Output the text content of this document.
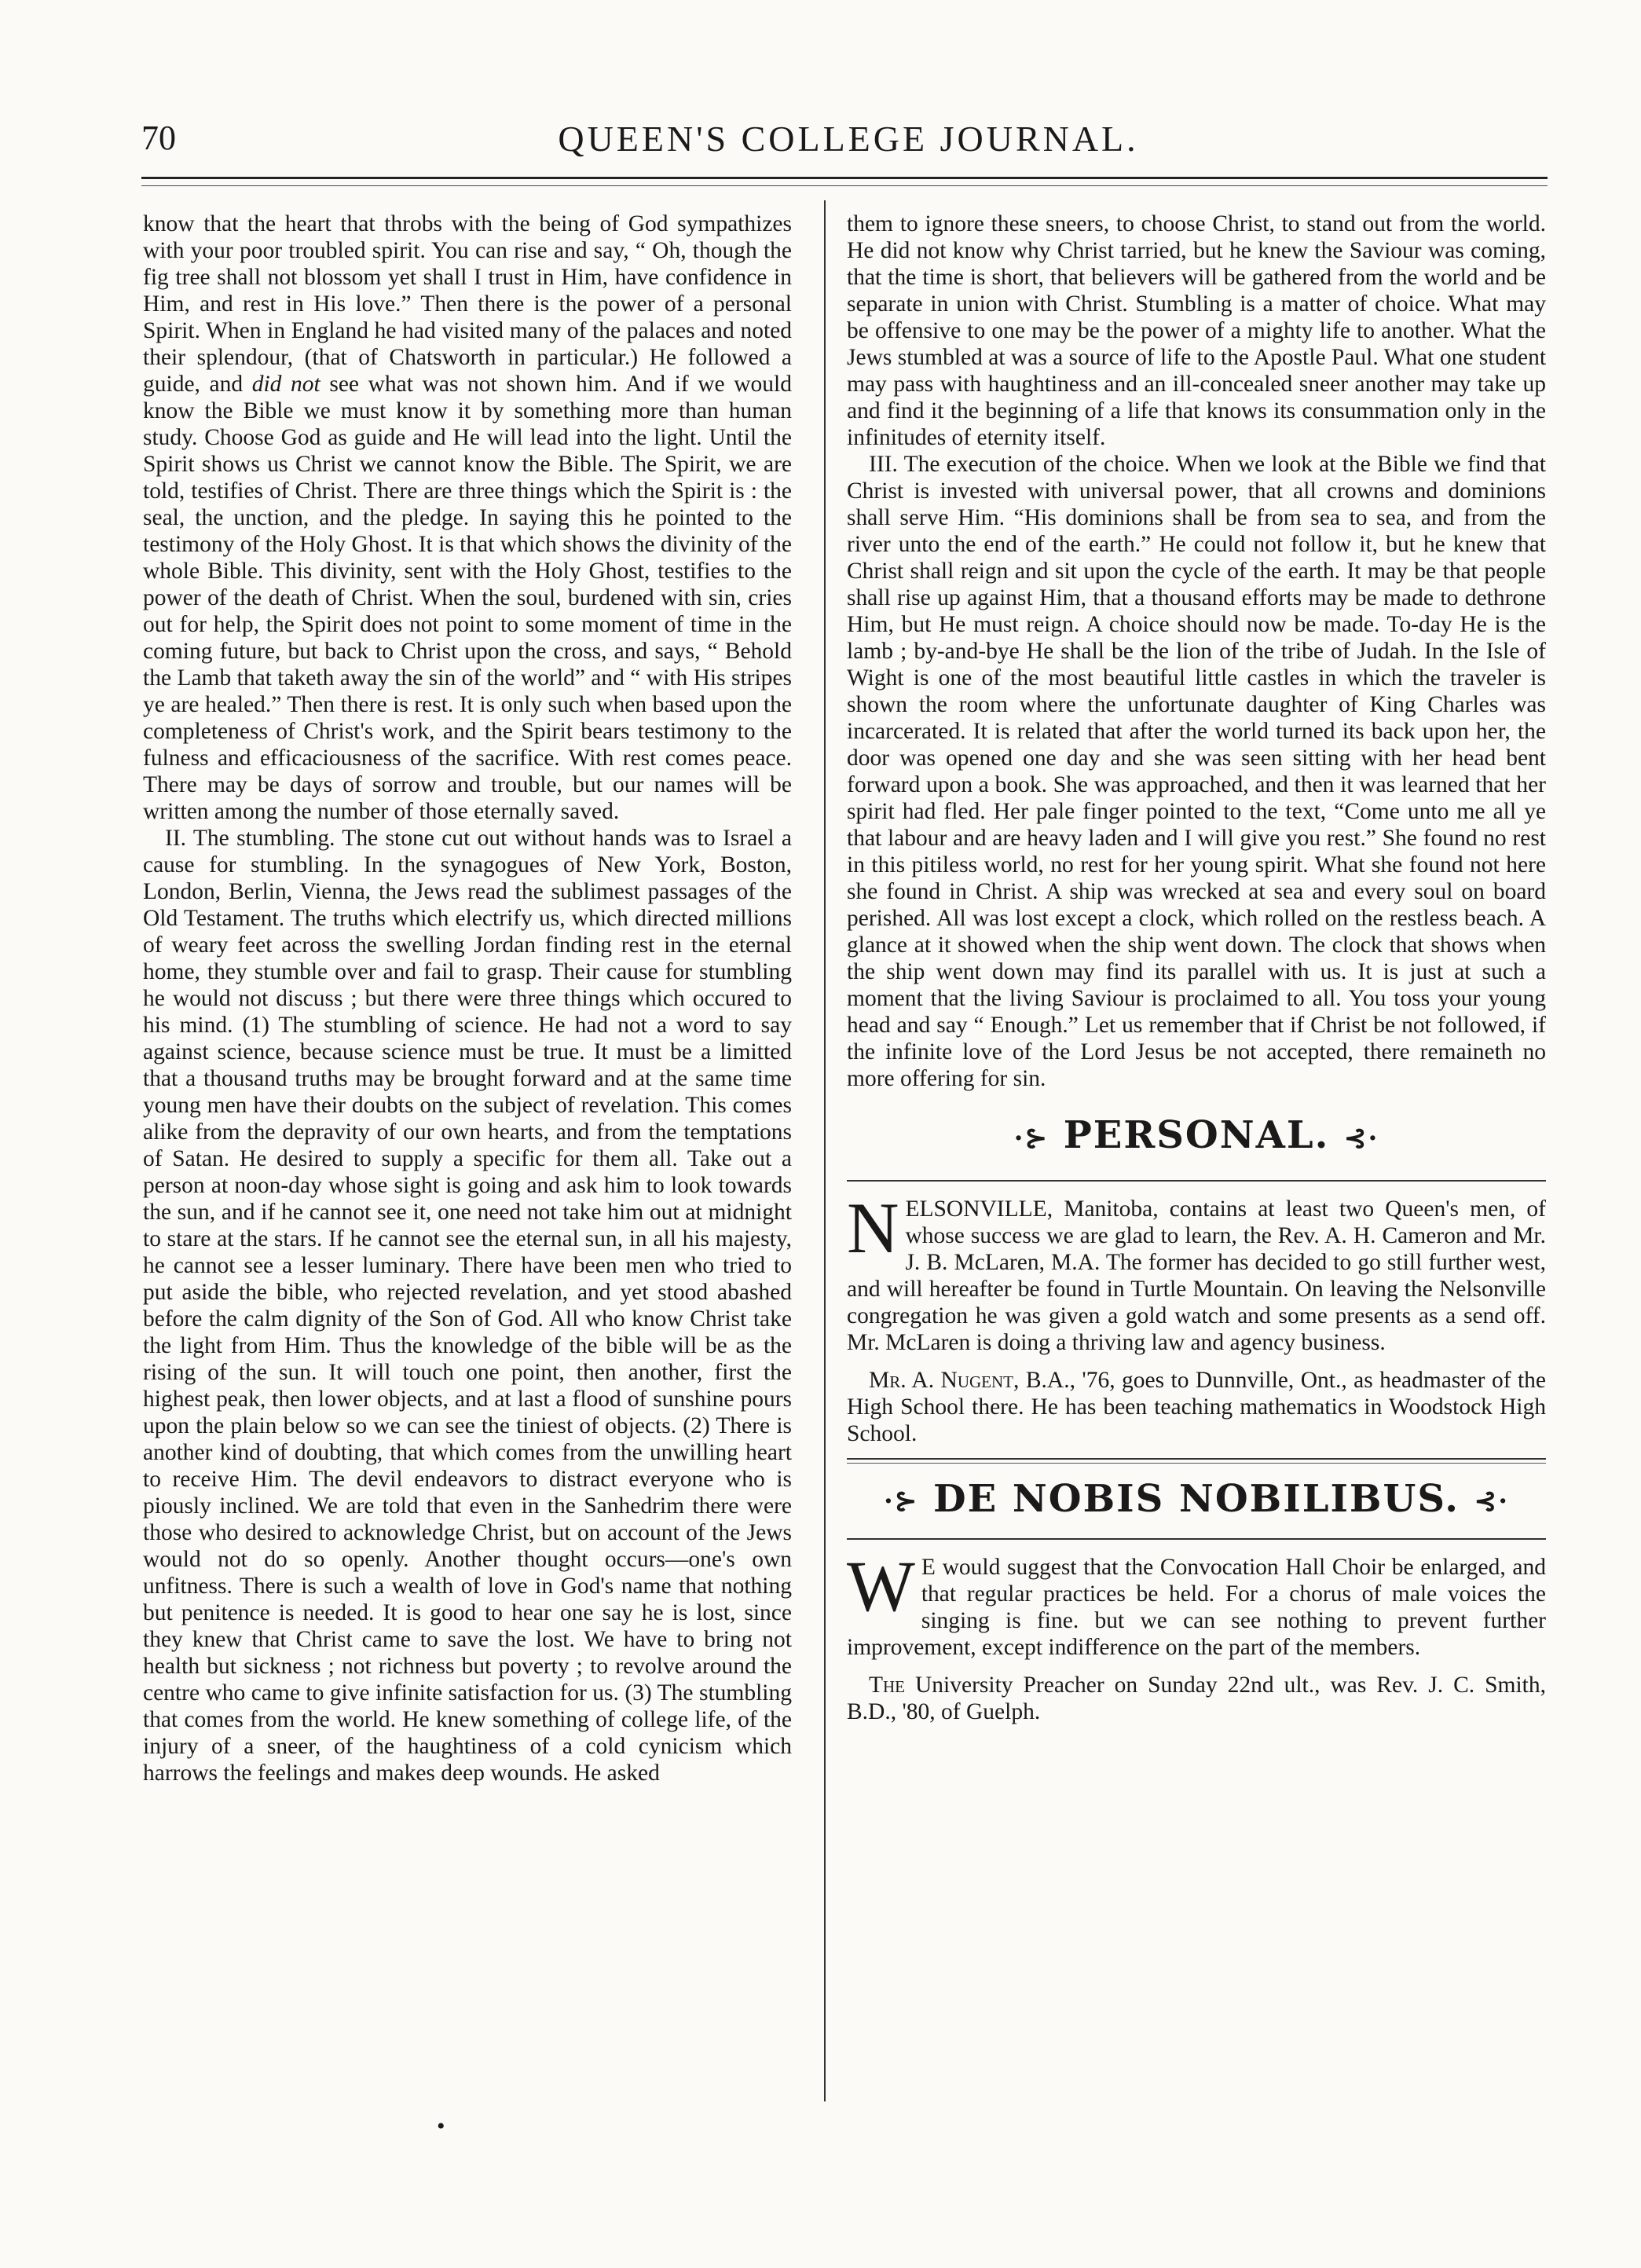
70	QUEEN'S COLLEGE JOURNAL.

know that the heart that throbs with the being of God sympathizes with your poor troubled spirit. You can rise and say, “ Oh, though the fig tree shall not blossom yet shall I trust in Him, have confidence in Him, and rest in His love.” Then there is the power of a personal Spirit. When in England he had visited many of the palaces and noted their splendour, (that of Chatsworth in particular.) He followed a guide, and did not see what was not shown him. And if we would know the Bible we must know it by something more than human study. Choose God as guide and He will lead into the light. Until the Spirit shows us Christ we cannot know the Bible. The Spirit, we are told, testifies of Christ. There are three things which the Spirit is : the seal, the unction, and the pledge. In saying this he pointed to the testimony of the Holy Ghost. It is that which shows the divinity of the whole Bible. This divinity, sent with the Holy Ghost, testifies to the power of the death of Christ. When the soul, burdened with sin, cries out for help, the Spirit does not point to some moment of time in the coming future, but back to Christ upon the cross, and says, “ Behold the Lamb that taketh away the sin of the world” and “ with His stripes ye are healed.” Then there is rest. It is only such when based upon the completeness of Christ's work, and the Spirit bears testimony to the fulness and efficaciousness of the sacrifice. With rest comes peace. There may be days of sorrow and trouble, but our names will be written among the number of those eternally saved.

II. The stumbling. The stone cut out without hands was to Israel a cause for stumbling. In the synagogues of New York, Boston, London, Berlin, Vienna, the Jews read the sublimest passages of the Old Testament. The truths which electrify us, which directed millions of weary feet across the swelling Jordan finding rest in the eternal home, they stumble over and fail to grasp. Their cause for stumbling he would not discuss ; but there were three things which occured to his mind. (1) The stumbling of science. He had not a word to say against science, because science must be true. It must be a limitted that a thousand truths may be brought forward and at the same time young men have their doubts on the subject of revelation. This comes alike from the depravity of our own hearts, and from the temptations of Satan. He desired to supply a specific for them all. Take out a person at noon-day whose sight is going and ask him to look towards the sun, and if he cannot see it, one need not take him out at midnight to stare at the stars. If he cannot see the eternal sun, in all his majesty, he cannot see a lesser luminary. There have been men who tried to put aside the bible, who rejected revelation, and yet stood abashed before the calm dignity of the Son of God. All who know Christ take the light from Him. Thus the knowledge of the bible will be as the rising of the sun. It will touch one point, then another, first the highest peak, then lower objects, and at last a flood of sunshine pours upon the plain below so we can see the tiniest of objects. (2) There is another kind of doubting, that which comes from the unwilling heart to receive Him. The devil endeavors to distract everyone who is piously inclined. We are told that even in the Sanhedrim there were those who desired to acknowledge Christ, but on account of the Jews would not do so openly. Another thought occurs—one's own unfitness. There is such a wealth of love in God's name that nothing but penitence is needed. It is good to hear one say he is lost, since they knew that Christ came to save the lost. We have to bring not health but sickness ; not richness but poverty ; to revolve around the centre who came to give infinite satisfaction for us. (3) The stumbling that comes from the world. He knew something of college life, of the injury of a sneer, of the haughtiness of a cold cynicism which harrows the feelings and makes deep wounds. He asked

them to ignore these sneers, to choose Christ, to stand out from the world. He did not know why Christ tarried, but he knew the Saviour was coming, that the time is short, that believers will be gathered from the world and be separate in union with Christ. Stumbling is a matter of choice. What may be offensive to one may be the power of a mighty life to another. What the Jews stumbled at was a source of life to the Apostle Paul. What one student may pass with haughtiness and an ill-concealed sneer another may take up and find it the beginning of a life that knows its consummation only in the infinitudes of eternity itself.

III. The execution of the choice. When we look at the Bible we find that Christ is invested with universal power, that all crowns and dominions shall serve Him. “His dominions shall be from sea to sea, and from the river unto the end of the earth.” He could not follow it, but he knew that Christ shall reign and sit upon the cycle of the earth. It may be that people shall rise up against Him, that a thousand efforts may be made to dethrone Him, but He must reign. A choice should now be made. To-day He is the lamb ; by-and-bye He shall be the lion of the tribe of Judah. In the Isle of Wight is one of the most beautiful little castles in which the traveler is shown the room where the unfortunate daughter of King Charles was incarcerated. It is related that after the world turned its back upon her, the door was opened one day and she was seen sitting with her head bent forward upon a book. She was approached, and then it was learned that her spirit had fled. Her pale finger pointed to the text, “Come unto me all ye that labour and are heavy laden and I will give you rest.” She found no rest in this pitiless world, no rest for her young spirit. What she found not here she found in Christ. A ship was wrecked at sea and every soul on board perished. All was lost except a clock, which rolled on the restless beach. A glance at it showed when the ship went down. The clock that shows when the ship went down may find its parallel with us. It is just at such a moment that the living Saviour is proclaimed to all. You toss your young head and say “ Enough.” Let us remember that if Christ be not followed, if the infinite love of the Lord Jesus be not accepted, there remaineth no more offering for sin.

·⊱ PERSONAL. ⊰·

NELSONVILLE, Manitoba, contains at least two Queen's men, of whose success we are glad to learn, the Rev. A. H. Cameron and Mr. J. B. McLaren, M.A. The former has decided to go still further west, and will hereafter be found in Turtle Mountain. On leaving the Nelsonville congregation he was given a gold watch and some presents as a send off. Mr. McLaren is doing a thriving law and agency business.

Mr. A. Nugent, B.A., '76, goes to Dunnville, Ont., as headmaster of the High School there. He has been teaching mathematics in Woodstock High School.

·⊱ DE NOBIS NOBILIBUS. ⊰·

W E would suggest that the Convocation Hall Choir be enlarged, and that regular practices be held. For a chorus of male voices the singing is fine. but we can see nothing to prevent further improvement, except indifference on the part of the members.

The University Preacher on Sunday 22nd ult., was Rev. J. C. Smith, B.D., '80, of Guelph.

•
